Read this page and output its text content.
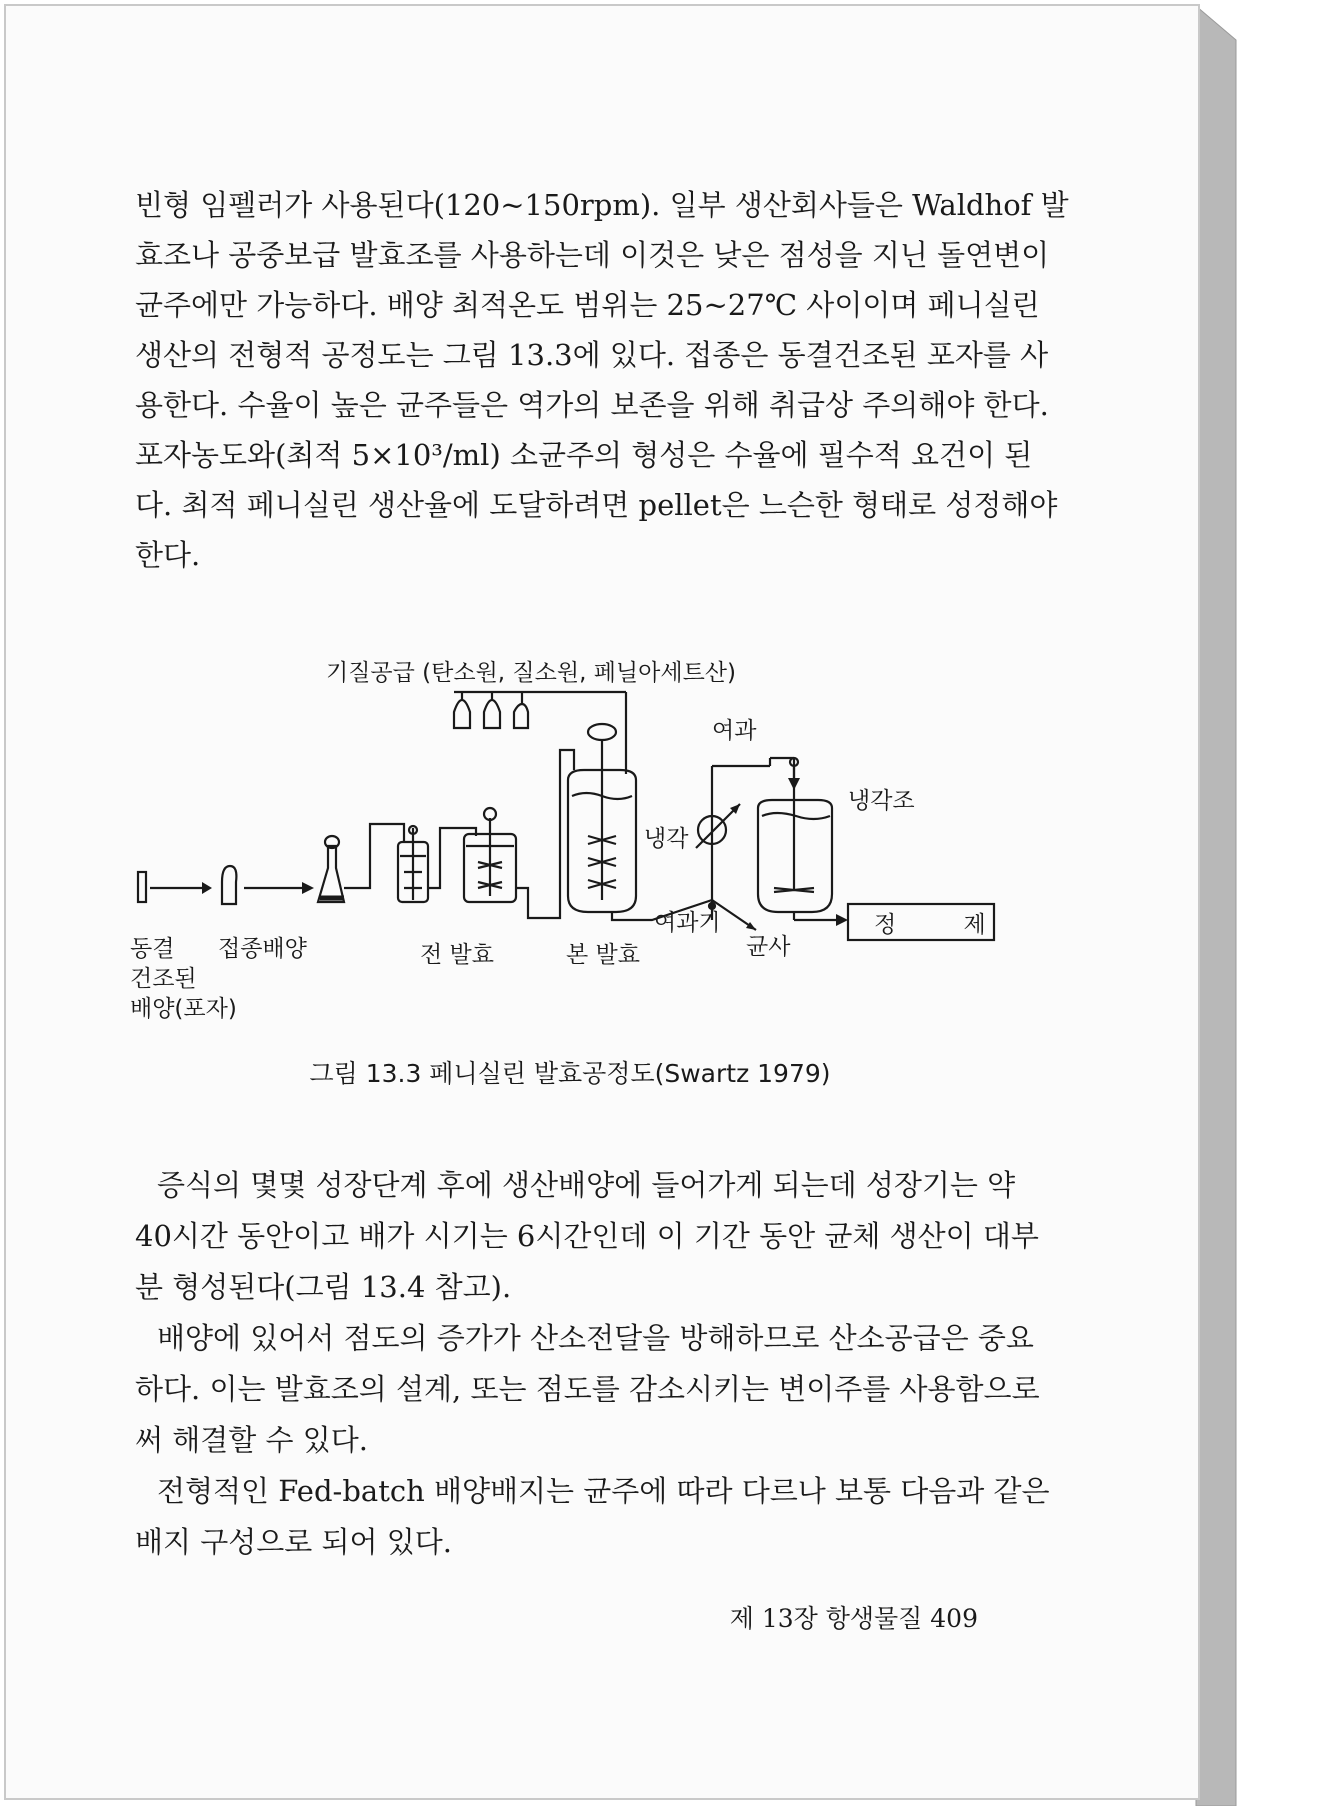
빈형 임펠러가 사용된다(120~150rpm). 일부 생산회사들은 Waldhof 발
효조나 공중보급 발효조를 사용하는데 이것은 낮은 점성을 지닌 돌연변이
균주에만 가능하다. 배양 최적온도 범위는 25~27℃ 사이이며 페니실린
생산의 전형적 공정도는 그림 13.3에 있다. 접종은 동결건조된 포자를 사
용한다. 수율이 높은 균주들은 역가의 보존을 위해 취급상 주의해야 한다.
포자농도와(최적 5×10³/ml) 소균주의 형성은 수율에 필수적 요건이 된
다. 최적 페니실린 생산율에 도달하려면 pellet은 느슨한 형태로 성정해야
한다.
기질공급 (탄소원, 질소원, 페닐아세트산)
정 제
여과
냉각조
냉각
여과기
균사
동결
건조된
배양(포자)
접종배양	전 발효	본 발효
그림 13.3 페니실린 발효공정도(Swartz 1979)
증식의 몇몇 성장단계 후에 생산배양에 들어가게 되는데 성장기는 약
40시간 동안이고 배가 시기는 6시간인데 이 기간 동안 균체 생산이 대부
분 형성된다(그림 13.4 참고).
배양에 있어서 점도의 증가가 산소전달을 방해하므로 산소공급은 중요
하다. 이는 발효조의 설계, 또는 점도를 감소시키는 변이주를 사용함으로
써 해결할 수 있다.
전형적인 Fed-batch 배양배지는 균주에 따라 다르나 보통 다음과 같은
배지 구성으로 되어 있다.
제 13장 항생물질 409
